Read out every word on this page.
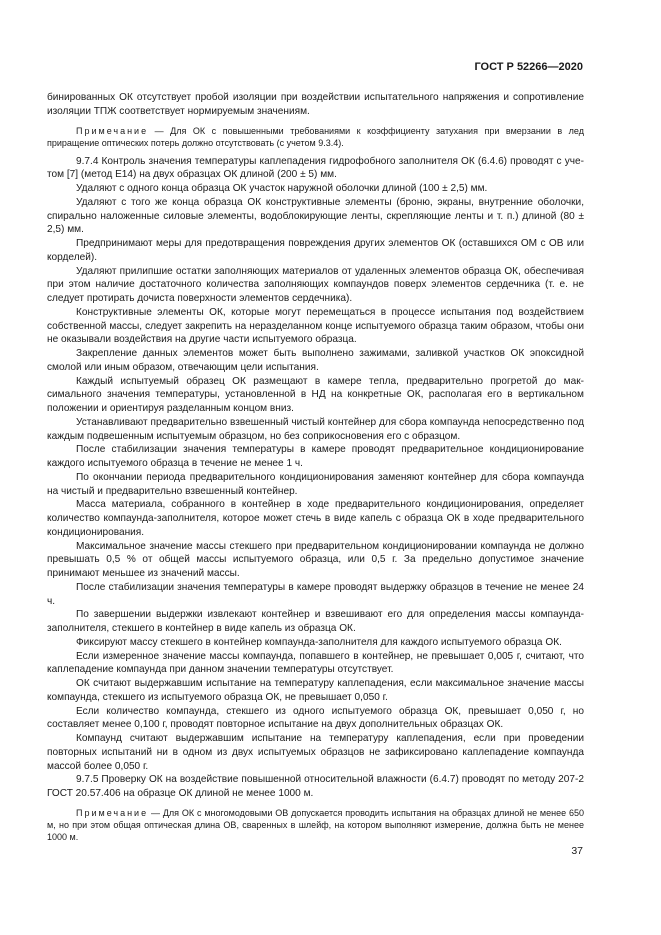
ГОСТ Р 52266—2020

бинированных ОК отсутствует пробой изоляции при воздействии испытательного напряжения и сопротивление изоляции ТПЖ соответствует нормируемым значениям.

Примечание — Для ОК с повышенными требованиями к коэффициенту затухания при вмерзании в лед приращение оптических потерь должно отсутствовать (с учетом 9.3.4).

9.7.4 Контроль значения температуры каплепадения гидрофобного заполнителя ОК (6.4.6) проводят с учетом [7] (метод Е14) на двух образцах ОК длиной (200 ± 5) мм.

Удаляют с одного конца образца ОК участок наружной оболочки длиной (100 ± 2,5) мм.

Удаляют с того же конца образца ОК конструктивные элементы (броню, экраны, внутренние оболочки, спирально наложенные силовые элементы, водоблокирующие ленты, скрепляющие ленты и т. п.) длиной (80 ± 2,5) мм.

Предпринимают меры для предотвращения повреждения других элементов ОК (оставшихся ОМ с ОВ или корделей).

Удаляют прилипшие остатки заполняющих материалов от удаленных элементов образца ОК, обеспечивая при этом наличие достаточного количества заполняющих компаундов поверх элементов сердечника (т. е. не следует протирать дочиста поверхности элементов сердечника).

Конструктивные элементы ОК, которые могут перемещаться в процессе испытания под воздействием собственной массы, следует закрепить на неразделанном конце испытуемого образца таким образом, чтобы они не оказывали воздействия на другие части испытуемого образца.

Закрепление данных элементов может быть выполнено зажимами, заливкой участков ОК эпоксидной смолой или иным образом, отвечающим цели испытания.

Каждый испытуемый образец ОК размещают в камере тепла, предварительно прогретой до максимального значения температуры, установленной в НД на конкретные ОК, располагая его в вертикальном положении и ориентируя разделанным концом вниз.

Устанавливают предварительно взвешенный чистый контейнер для сбора компаунда непосредственно под каждым подвешенным испытуемым образцом, но без соприкосновения его с образцом.

После стабилизации значения температуры в камере проводят предварительное кондиционирование каждого испытуемого образца в течение не менее 1 ч.

По окончании периода предварительного кондиционирования заменяют контейнер для сбора компаунда на чистый и предварительно взвешенный контейнер.

Масса материала, собранного в контейнер в ходе предварительного кондиционирования, определяет количество компаунда-заполнителя, которое может стечь в виде капель с образца ОК в ходе предварительного кондиционирования.

Максимальное значение массы стекшего при предварительном кондиционировании компаунда не должно превышать 0,5 % от общей массы испытуемого образца, или 0,5 г. За предельно допустимое значение принимают меньшее из значений массы.

После стабилизации значения температуры в камере проводят выдержку образцов в течение не менее 24 ч.

По завершении выдержки извлекают контейнер и взвешивают его для определения массы компаунда-заполнителя, стекшего в контейнер в виде капель из образца ОК.

Фиксируют массу стекшего в контейнер компаунда-заполнителя для каждого испытуемого образца ОК.

Если измеренное значение массы компаунда, попавшего в контейнер, не превышает 0,005 г, считают, что каплепадение компаунда при данном значении температуры отсутствует.

ОК считают выдержавшим испытание на температуру каплепадения, если максимальное значение массы компаунда, стекшего из испытуемого образца ОК, не превышает 0,050 г.

Если количество компаунда, стекшего из одного испытуемого образца ОК, превышает 0,050 г, но составляет менее 0,100 г, проводят повторное испытание на двух дополнительных образцах ОК.

Компаунд считают выдержавшим испытание на температуру каплепадения, если при проведении повторных испытаний ни в одном из двух испытуемых образцов не зафиксировано каплепадение компаунда массой более 0,050 г.

9.7.5 Проверку ОК на воздействие повышенной относительной влажности (6.4.7) проводят по методу 207-2 ГОСТ 20.57.406 на образце ОК длиной не менее 1000 м.

Примечание — Для ОК с многомодовыми ОВ допускается проводить испытания на образцах длиной не менее 650 м, но при этом общая оптическая длина ОВ, сваренных в шлейф, на котором выполняют измерение, должна быть не менее 1000 м.

37
